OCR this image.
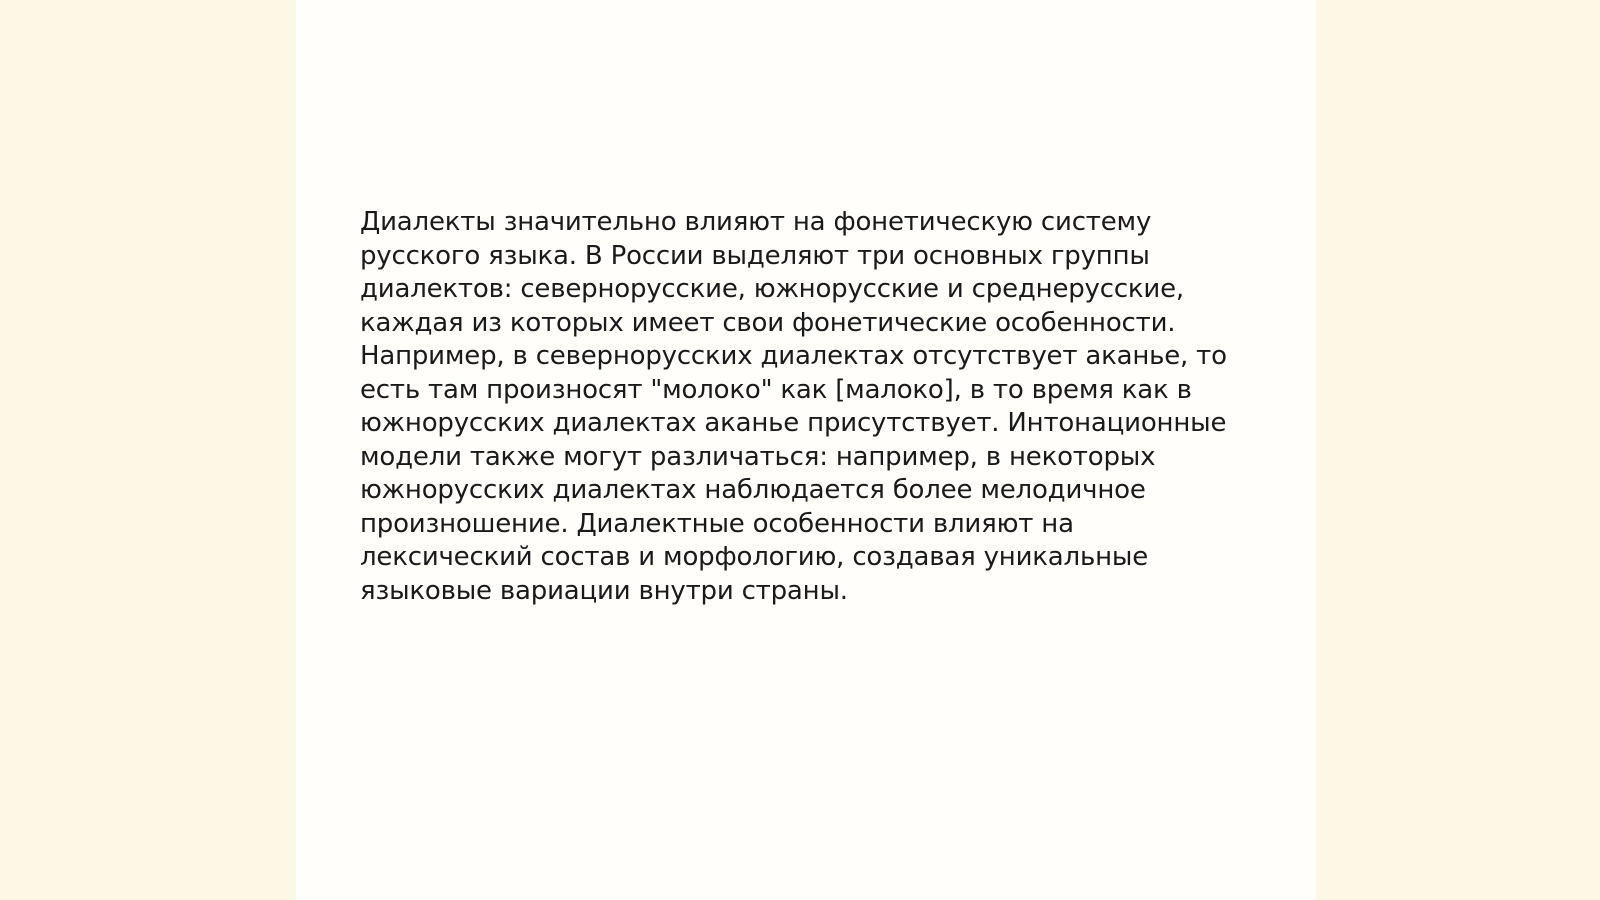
Диалекты значительно влияют на фонетическую систему русского языка. В России выделяют три основных группы диалектов: севернорусские, южнорусские и среднерусские, каждая из которых имеет свои фонетические особенности. Например, в севернорусских диалектах отсутствует аканье, то есть там произносят "молоко" как [малоко], в то время как в южнорусских диалектах аканье присутствует. Интонационные модели также могут различаться: например, в некоторых южнорусских диалектах наблюдается более мелодичное произношение. Диалектные особенности влияют на лексический состав и морфологию, создавая уникальные языковые вариации внутри страны.
